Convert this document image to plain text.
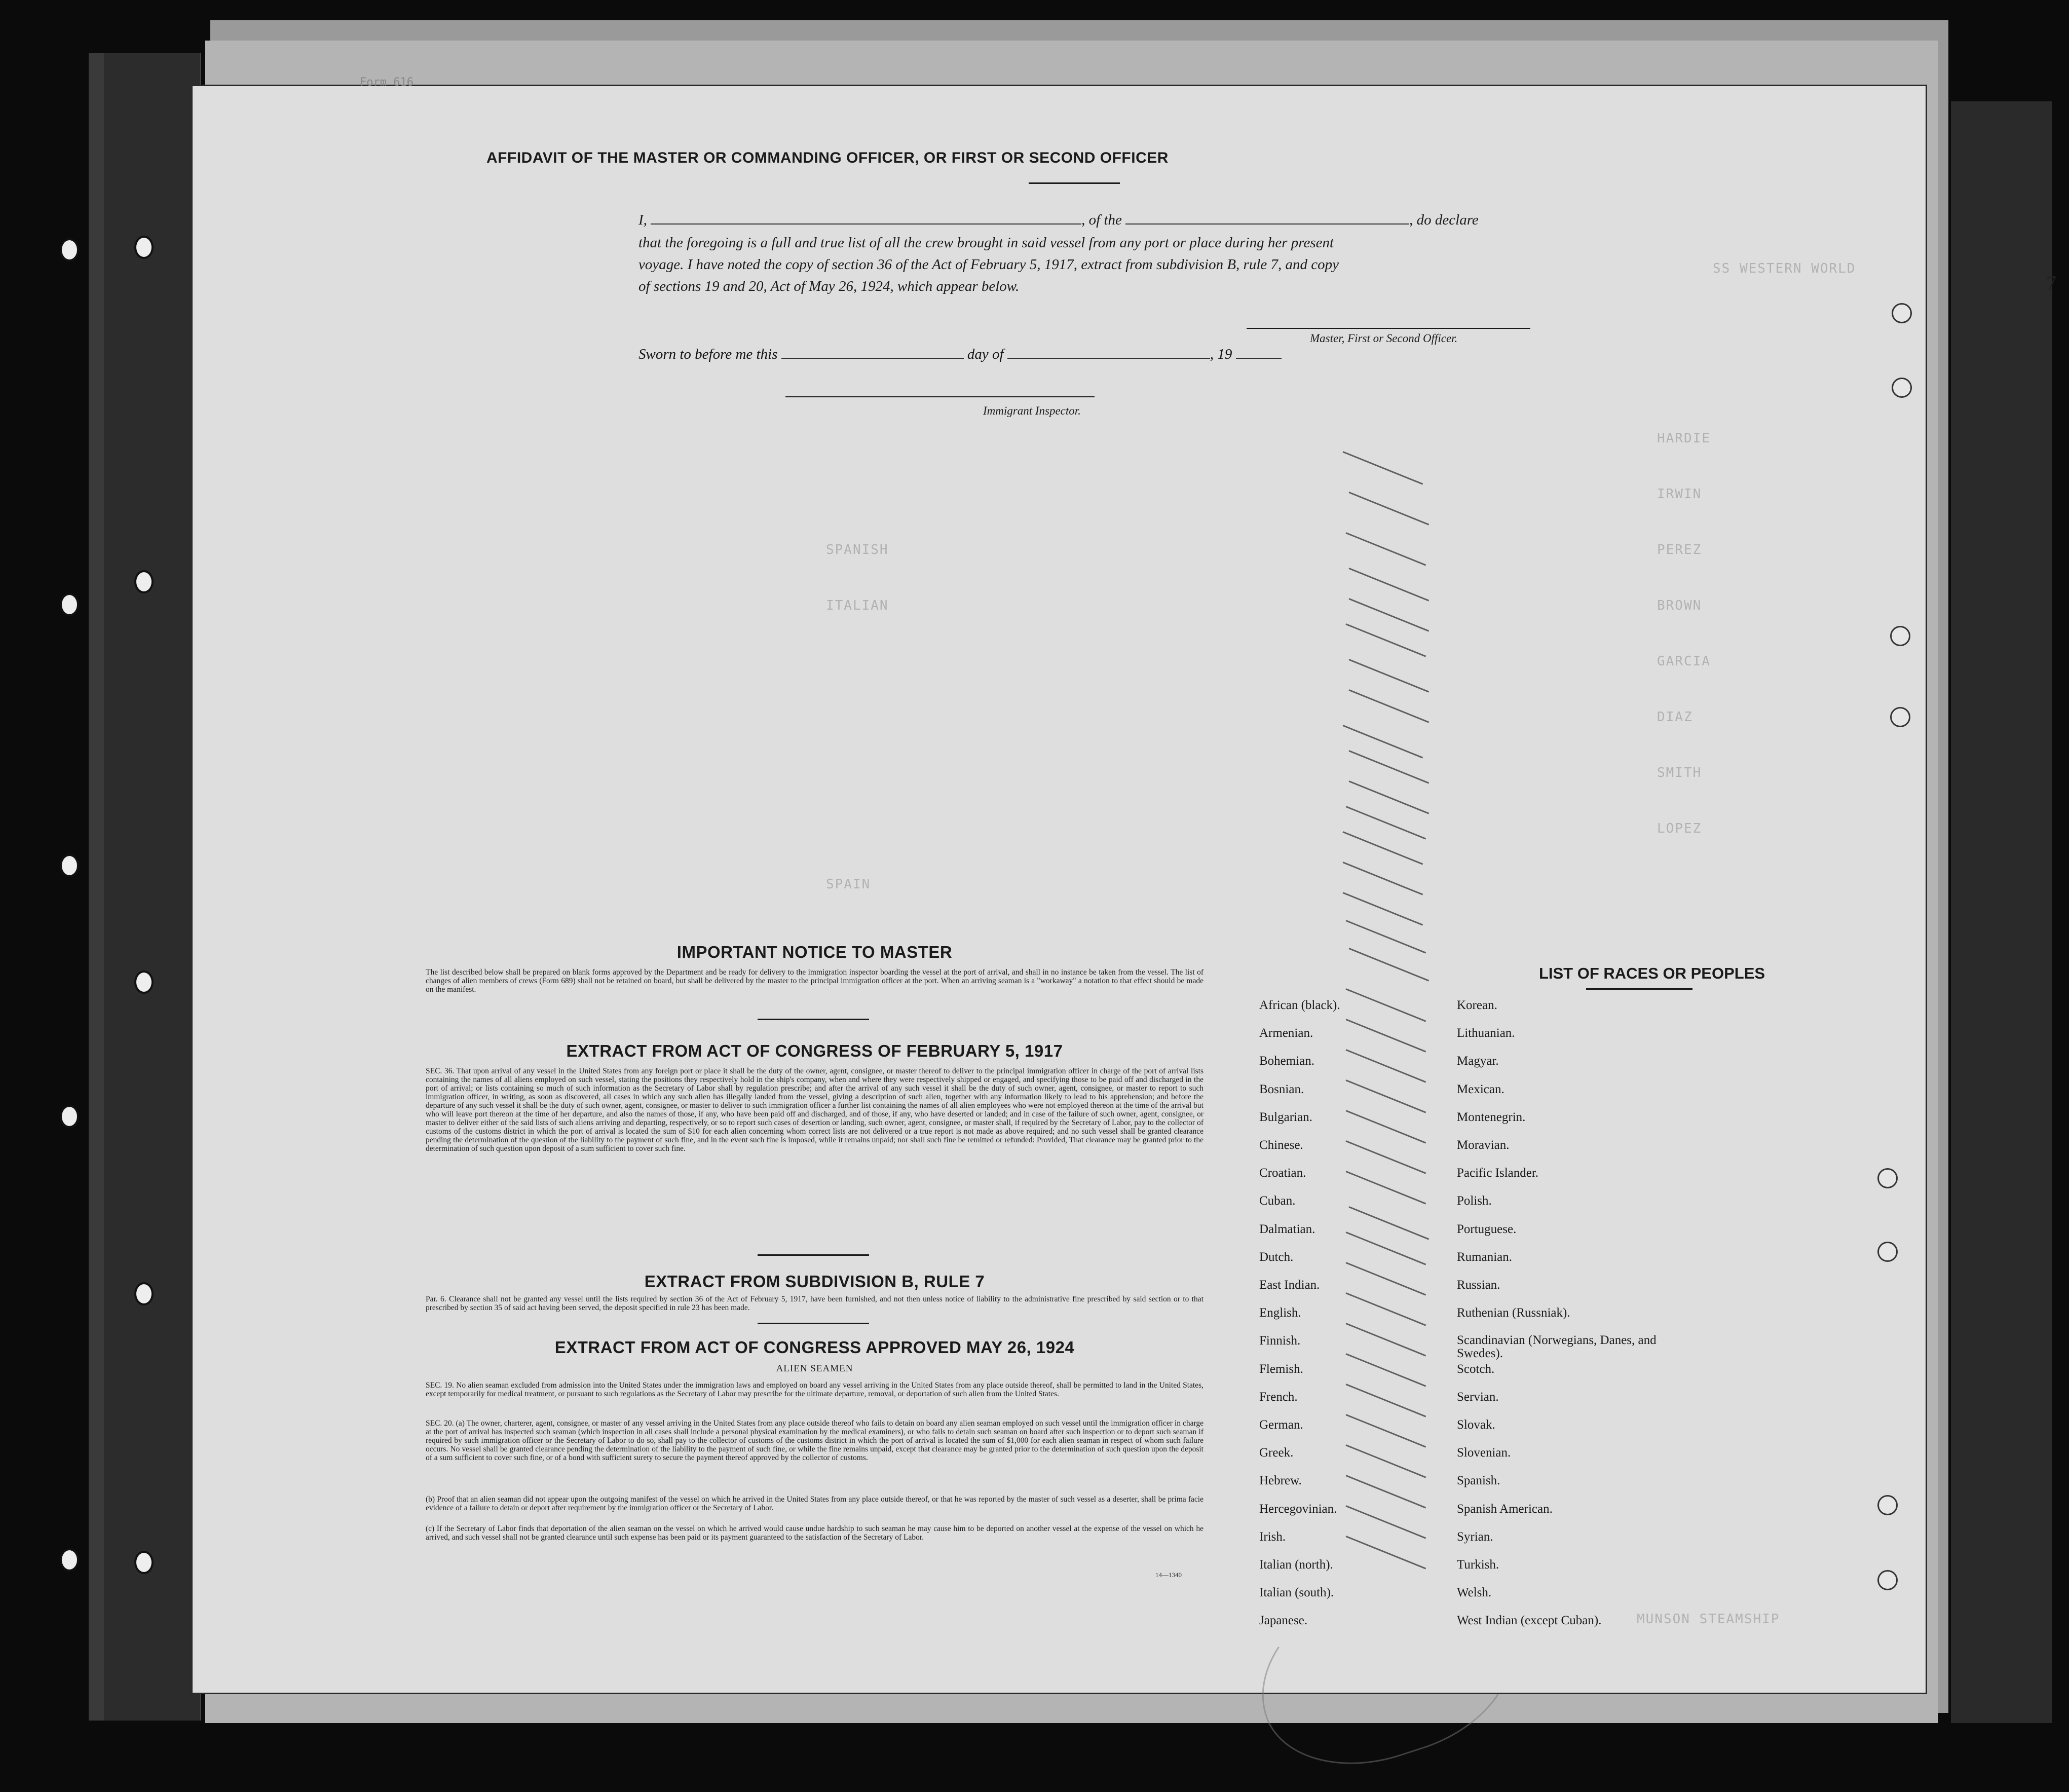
SS WESTERN WORLD
HARDIE
IRWIN
PEREZ
BROWN
GARCIA
DIAZ
SMITH
LOPEZ
SPANISH
ITALIAN
SPAIN
MUNSON STEAMSHIP
Form 616
AFFIDAVIT OF THE MASTER OR COMMANDING OFFICER, OR FIRST OR SECOND OFFICER

I,	, of the	, do declare

that the foregoing is a full and true list of all the crew brought in said vessel from any port or place during her present

voyage. I have noted the copy of section 36 of the Act of February 5, 1917, extract from subdivision B, rule 7, and copy

of sections 19 and 20, Act of May 26, 1924, which appear below.

Master, First or Second Officer.
Sworn to before me this	day of	, 19
Immigrant Inspector.
IMPORTANT NOTICE TO MASTER

The list described below shall be prepared on blank forms approved by the Department and be ready for delivery to the immigration inspector boarding the vessel at the port of arrival, and shall in no instance be taken from the vessel. The list of changes of alien members of crews (Form 689) shall not be retained on board, but shall be delivered by the master to the principal immigration officer at the port. When an arriving seaman is a "workaway" a notation to that effect should be made on the manifest.

EXTRACT FROM ACT OF CONGRESS OF FEBRUARY 5, 1917

SEC. 36. That upon arrival of any vessel in the United States from any foreign port or place it shall be the duty of the owner, agent, consignee, or master thereof to deliver to the principal immigration officer in charge of the port of arrival lists containing the names of all aliens employed on such vessel, stating the positions they respectively hold in the ship's company, when and where they were respectively shipped or engaged, and specifying those to be paid off and discharged in the port of arrival; or lists containing so much of such information as the Secretary of Labor shall by regulation prescribe; and after the arrival of any such vessel it shall be the duty of such owner, agent, consignee, or master to report to such immigration officer, in writing, as soon as discovered, all cases in which any such alien has illegally landed from the vessel, giving a description of such alien, together with any information likely to lead to his apprehension; and before the departure of any such vessel it shall be the duty of such owner, agent, consignee, or master to deliver to such immigration officer a further list containing the names of all alien employees who were not employed thereon at the time of the arrival but who will leave port thereon at the time of her departure, and also the names of those, if any, who have been paid off and discharged, and of those, if any, who have deserted or landed; and in case of the failure of such owner, agent, consignee, or master to deliver either of the said lists of such aliens arriving and departing, respectively, or so to report such cases of desertion or landing, such owner, agent, consignee, or master shall, if required by the Secretary of Labor, pay to the collector of customs of the customs district in which the port of arrival is located the sum of $10 for each alien concerning whom correct lists are not delivered or a true report is not made as above required; and no such vessel shall be granted clearance pending the determination of the question of the liability to the payment of such fine, and in the event such fine is imposed, while it remains unpaid; nor shall such fine be remitted or refunded: Provided, That clearance may be granted prior to the determination of such question upon deposit of a sum sufficient to cover such fine.

EXTRACT FROM SUBDIVISION B, RULE 7

Par. 6. Clearance shall not be granted any vessel until the lists required by section 36 of the Act of February 5, 1917, have been furnished, and not then unless notice of liability to the administrative fine prescribed by said section or to that prescribed by section 35 of said act having been served, the deposit specified in rule 23 has been made.

EXTRACT FROM ACT OF CONGRESS APPROVED MAY 26, 1924
ALIEN SEAMEN

SEC. 19. No alien seaman excluded from admission into the United States under the immigration laws and employed on board any vessel arriving in the United States from any place outside thereof, shall be permitted to land in the United States, except temporarily for medical treatment, or pursuant to such regulations as the Secretary of Labor may prescribe for the ultimate departure, removal, or deportation of such alien from the United States.

SEC. 20. (a) The owner, charterer, agent, consignee, or master of any vessel arriving in the United States from any place outside thereof who fails to detain on board any alien seaman employed on such vessel until the immigration officer in charge at the port of arrival has inspected such seaman (which inspection in all cases shall include a personal physical examination by the medical examiners), or who fails to detain such seaman on board after such inspection or to deport such seaman if required by such immigration officer or the Secretary of Labor to do so, shall pay to the collector of customs of the customs district in which the port of arrival is located the sum of $1,000 for each alien seaman in respect of whom such failure occurs. No vessel shall be granted clearance pending the determination of the liability to the payment of such fine, or while the fine remains unpaid, except that clearance may be granted prior to the determination of such question upon the deposit of a sum sufficient to cover such fine, or of a bond with sufficient surety to secure the payment thereof approved by the collector of customs.

(b) Proof that an alien seaman did not appear upon the outgoing manifest of the vessel on which he arrived in the United States from any place outside thereof, or that he was reported by the master of such vessel as a deserter, shall be prima facie evidence of a failure to detain or deport after requirement by the immigration officer or the Secretary of Labor.

(c) If the Secretary of Labor finds that deportation of the alien seaman on the vessel on which he arrived would cause undue hardship to such seaman he may cause him to be deported on another vessel at the expense of the vessel on which he arrived, and such vessel shall not be granted clearance until such expense has been paid or its payment guaranteed to the satisfaction of the Secretary of Labor.

14—1340
LIST OF RACES OR PEOPLES
7
African (black).
Armenian.
Bohemian.
Bosnian.
Bulgarian.
Chinese.
Croatian.
Cuban.
Dalmatian.
Dutch.
East Indian.
English.
Finnish.
Flemish.
French.
German.
Greek.
Hebrew.
Hercegovinian.
Irish.
Italian (north).
Italian (south).
Japanese.
Korean.
Lithuanian.
Magyar.
Mexican.
Montenegrin.
Moravian.
Pacific Islander.
Polish.
Portuguese.
Rumanian.
Russian.
Ruthenian (Russniak).
Scandinavian (Norwegians, Danes, and Swedes).
Scotch.
Servian.
Slovak.
Slovenian.
Spanish.
Spanish American.
Syrian.
Turkish.
Welsh.
West Indian (except Cuban).
